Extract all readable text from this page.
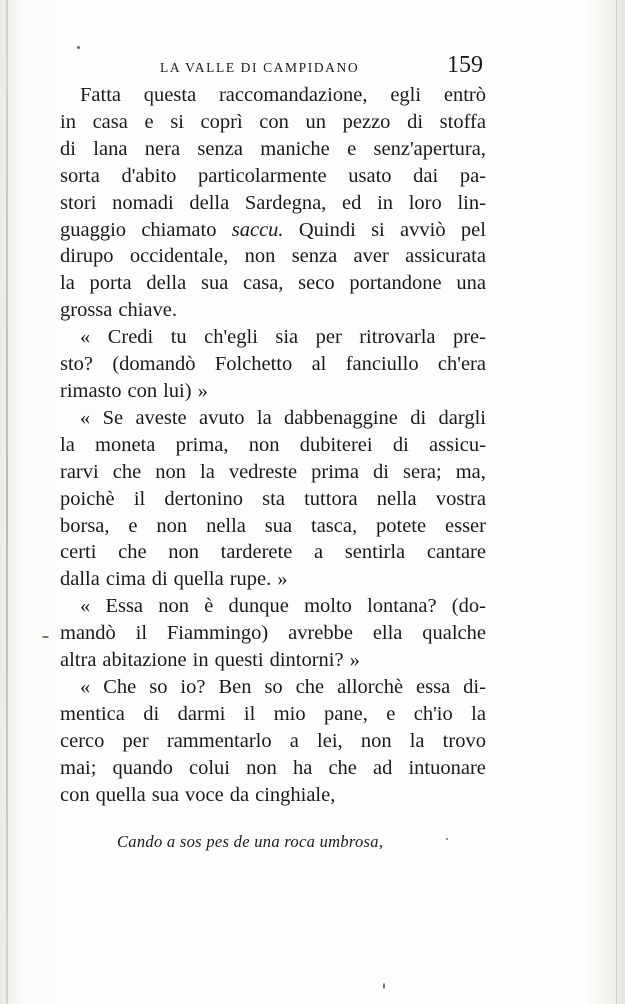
LA VALLE DI CAMPIDANO	159
Fatta questa raccomandazione, egli entrò
in casa e si coprì con un pezzo di stoffa
di lana nera senza maniche e senz'apertura,
sorta d'abito particolarmente usato dai pa-
stori nomadi della Sardegna, ed in loro lin-
guaggio chiamato saccu. Quindi si avviò pel
dirupo occidentale, non senza aver assicurata
la porta della sua casa, seco portandone una
grossa chiave.
« Credi tu ch'egli sia per ritrovarla pre-
sto? (domandò Folchetto al fanciullo ch'era
rimasto con lui) »
« Se aveste avuto la dabbenaggine di dargli
la moneta prima, non dubiterei di assicu-
rarvi che non la vedreste prima di sera; ma,
poichè il dertonino sta tuttora nella vostra
borsa, e non nella sua tasca, potete esser
certi che non tarderete a sentirla cantare
dalla cima di quella rupe. »
« Essa non è dunque molto lontana? (do-
mandò il Fiammingo) avrebbe ella qualche
altra abitazione in questi dintorni? »
« Che so io? Ben so che allorchè essa di-
mentica di darmi il mio pane, e ch'io la
cerco per rammentarlo a lei, non la trovo
mai; quando colui non ha che ad intuonare
con quella sua voce da cinghiale,
Cando a sos pes de una roca umbrosa,
